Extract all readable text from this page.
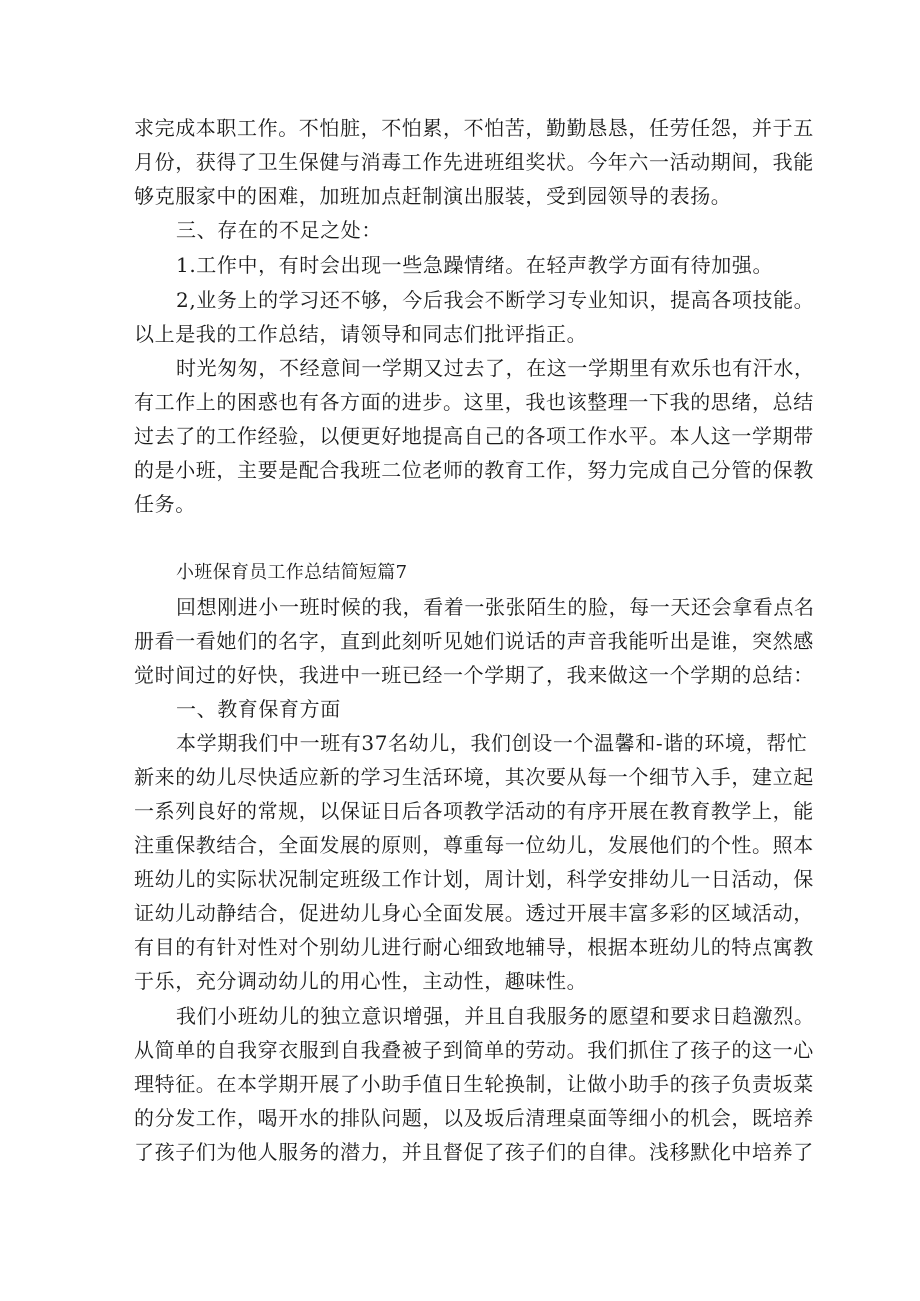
求完成本职工作。不怕脏，不怕累，不怕苦，勤勤恳恳，任劳任怨，并于五
月份，获得了卫生保健与消毒工作先进班组奖状。今年六一活动期间，我能
够克服家中的困难，加班加点赶制演出服装，受到园领导的表扬。
三、存在的不足之处：
1.工作中，有时会出现一些急躁情绪。在轻声教学方面有待加强。
2,业务上的学习还不够，今后我会不断学习专业知识，提高各项技能。
以上是我的工作总结，请领导和同志们批评指正。
时光匆匆，不经意间一学期又过去了，在这一学期里有欢乐也有汗水，
有工作上的困惑也有各方面的进步。这里，我也该整理一下我的思绪，总结
过去了的工作经验，以便更好地提高自己的各项工作水平。本人这一学期带
的是小班，主要是配合我班二位老师的教育工作，努力完成自己分管的保教
任务。
小班保育员工作总结简短篇7
回想刚进小一班时候的我，看着一张张陌生的脸，每一天还会拿看点名
册看一看她们的名字，直到此刻听见她们说话的声音我能听出是谁，突然感
觉时间过的好快，我进中一班已经一个学期了，我来做这一个学期的总结：
一、教育保育方面
本学期我们中一班有37名幼儿，我们创设一个温馨和-谐的环境，帮忙
新来的幼儿尽快适应新的学习生活环境，其次要从每一个细节入手，建立起
一系列良好的常规，以保证日后各项教学活动的有序开展在教育教学上，能
注重保教结合，全面发展的原则，尊重每一位幼儿，发展他们的个性。照本
班幼儿的实际状况制定班级工作计划，周计划，科学安排幼儿一日活动，保
证幼儿动静结合，促进幼儿身心全面发展。透过开展丰富多彩的区域活动，
有目的有针对性对个别幼儿进行耐心细致地辅导，根据本班幼儿的特点寓教
于乐，充分调动幼儿的用心性，主动性，趣味性。
我们小班幼儿的独立意识增强，并且自我服务的愿望和要求日趋激烈。
从简单的自我穿衣服到自我叠被子到简单的劳动。我们抓住了孩子的这一心
理特征。在本学期开展了小助手值日生轮换制，让做小助手的孩子负责坂菜
的分发工作，喝开水的排队问题，以及坂后清理桌面等细小的机会，既培养
了孩子们为他人服务的潜力，并且督促了孩子们的自律。浅移默化中培养了
